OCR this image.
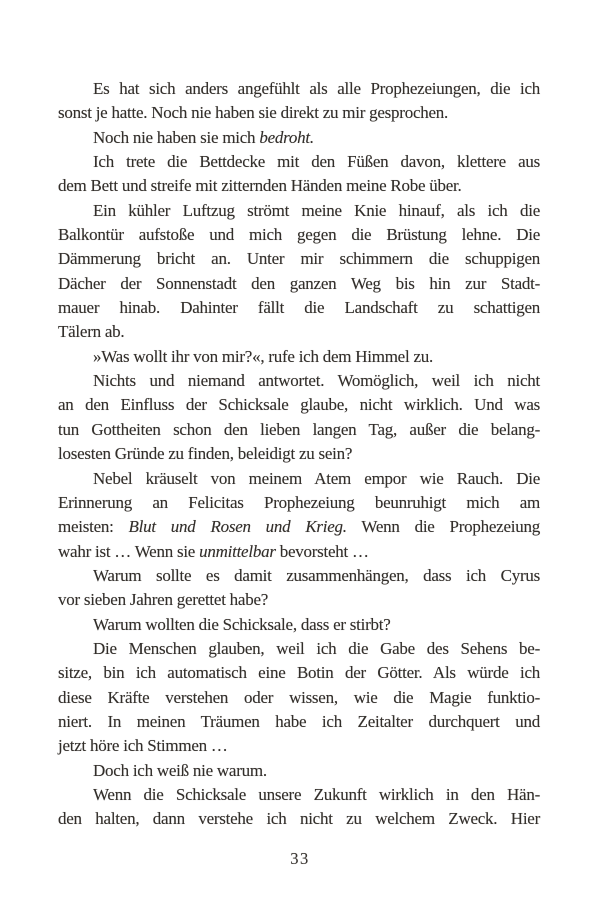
Es hat sich anders angefühlt als alle Prophezeiungen, die ich
sonst je hatte. Noch nie haben sie direkt zu mir gesprochen.
Noch nie haben sie mich bedroht.
Ich trete die Bettdecke mit den Füßen davon, klettere aus
dem Bett und streife mit zitternden Händen meine Robe über.
Ein kühler Luftzug strömt meine Knie hinauf, als ich die
Balkontür aufstoße und mich gegen die Brüstung lehne. Die
Dämmerung bricht an. Unter mir schimmern die schuppigen
Dächer der Sonnenstadt den ganzen Weg bis hin zur Stadt-
mauer hinab. Dahinter fällt die Landschaft zu schattigen
Tälern ab.
»Was wollt ihr von mir?«, rufe ich dem Himmel zu.
Nichts und niemand antwortet. Womöglich, weil ich nicht
an den Einfluss der Schicksale glaube, nicht wirklich. Und was
tun Gottheiten schon den lieben langen Tag, außer die belang-
losesten Gründe zu finden, beleidigt zu sein?
Nebel kräuselt von meinem Atem empor wie Rauch. Die
Erinnerung an Felicitas Prophezeiung beunruhigt mich am
meisten: Blut und Rosen und Krieg. Wenn die Prophezeiung
wahr ist … Wenn sie unmittelbar bevorsteht …
Warum sollte es damit zusammenhängen, dass ich Cyrus
vor sieben Jahren gerettet habe?
Warum wollten die Schicksale, dass er stirbt?
Die Menschen glauben, weil ich die Gabe des Sehens be-
sitze, bin ich automatisch eine Botin der Götter. Als würde ich
diese Kräfte verstehen oder wissen, wie die Magie funktio-
niert. In meinen Träumen habe ich Zeitalter durchquert und
jetzt höre ich Stimmen …
Doch ich weiß nie warum.
Wenn die Schicksale unsere Zukunft wirklich in den Hän-
den halten, dann verstehe ich nicht zu welchem Zweck. Hier
33
